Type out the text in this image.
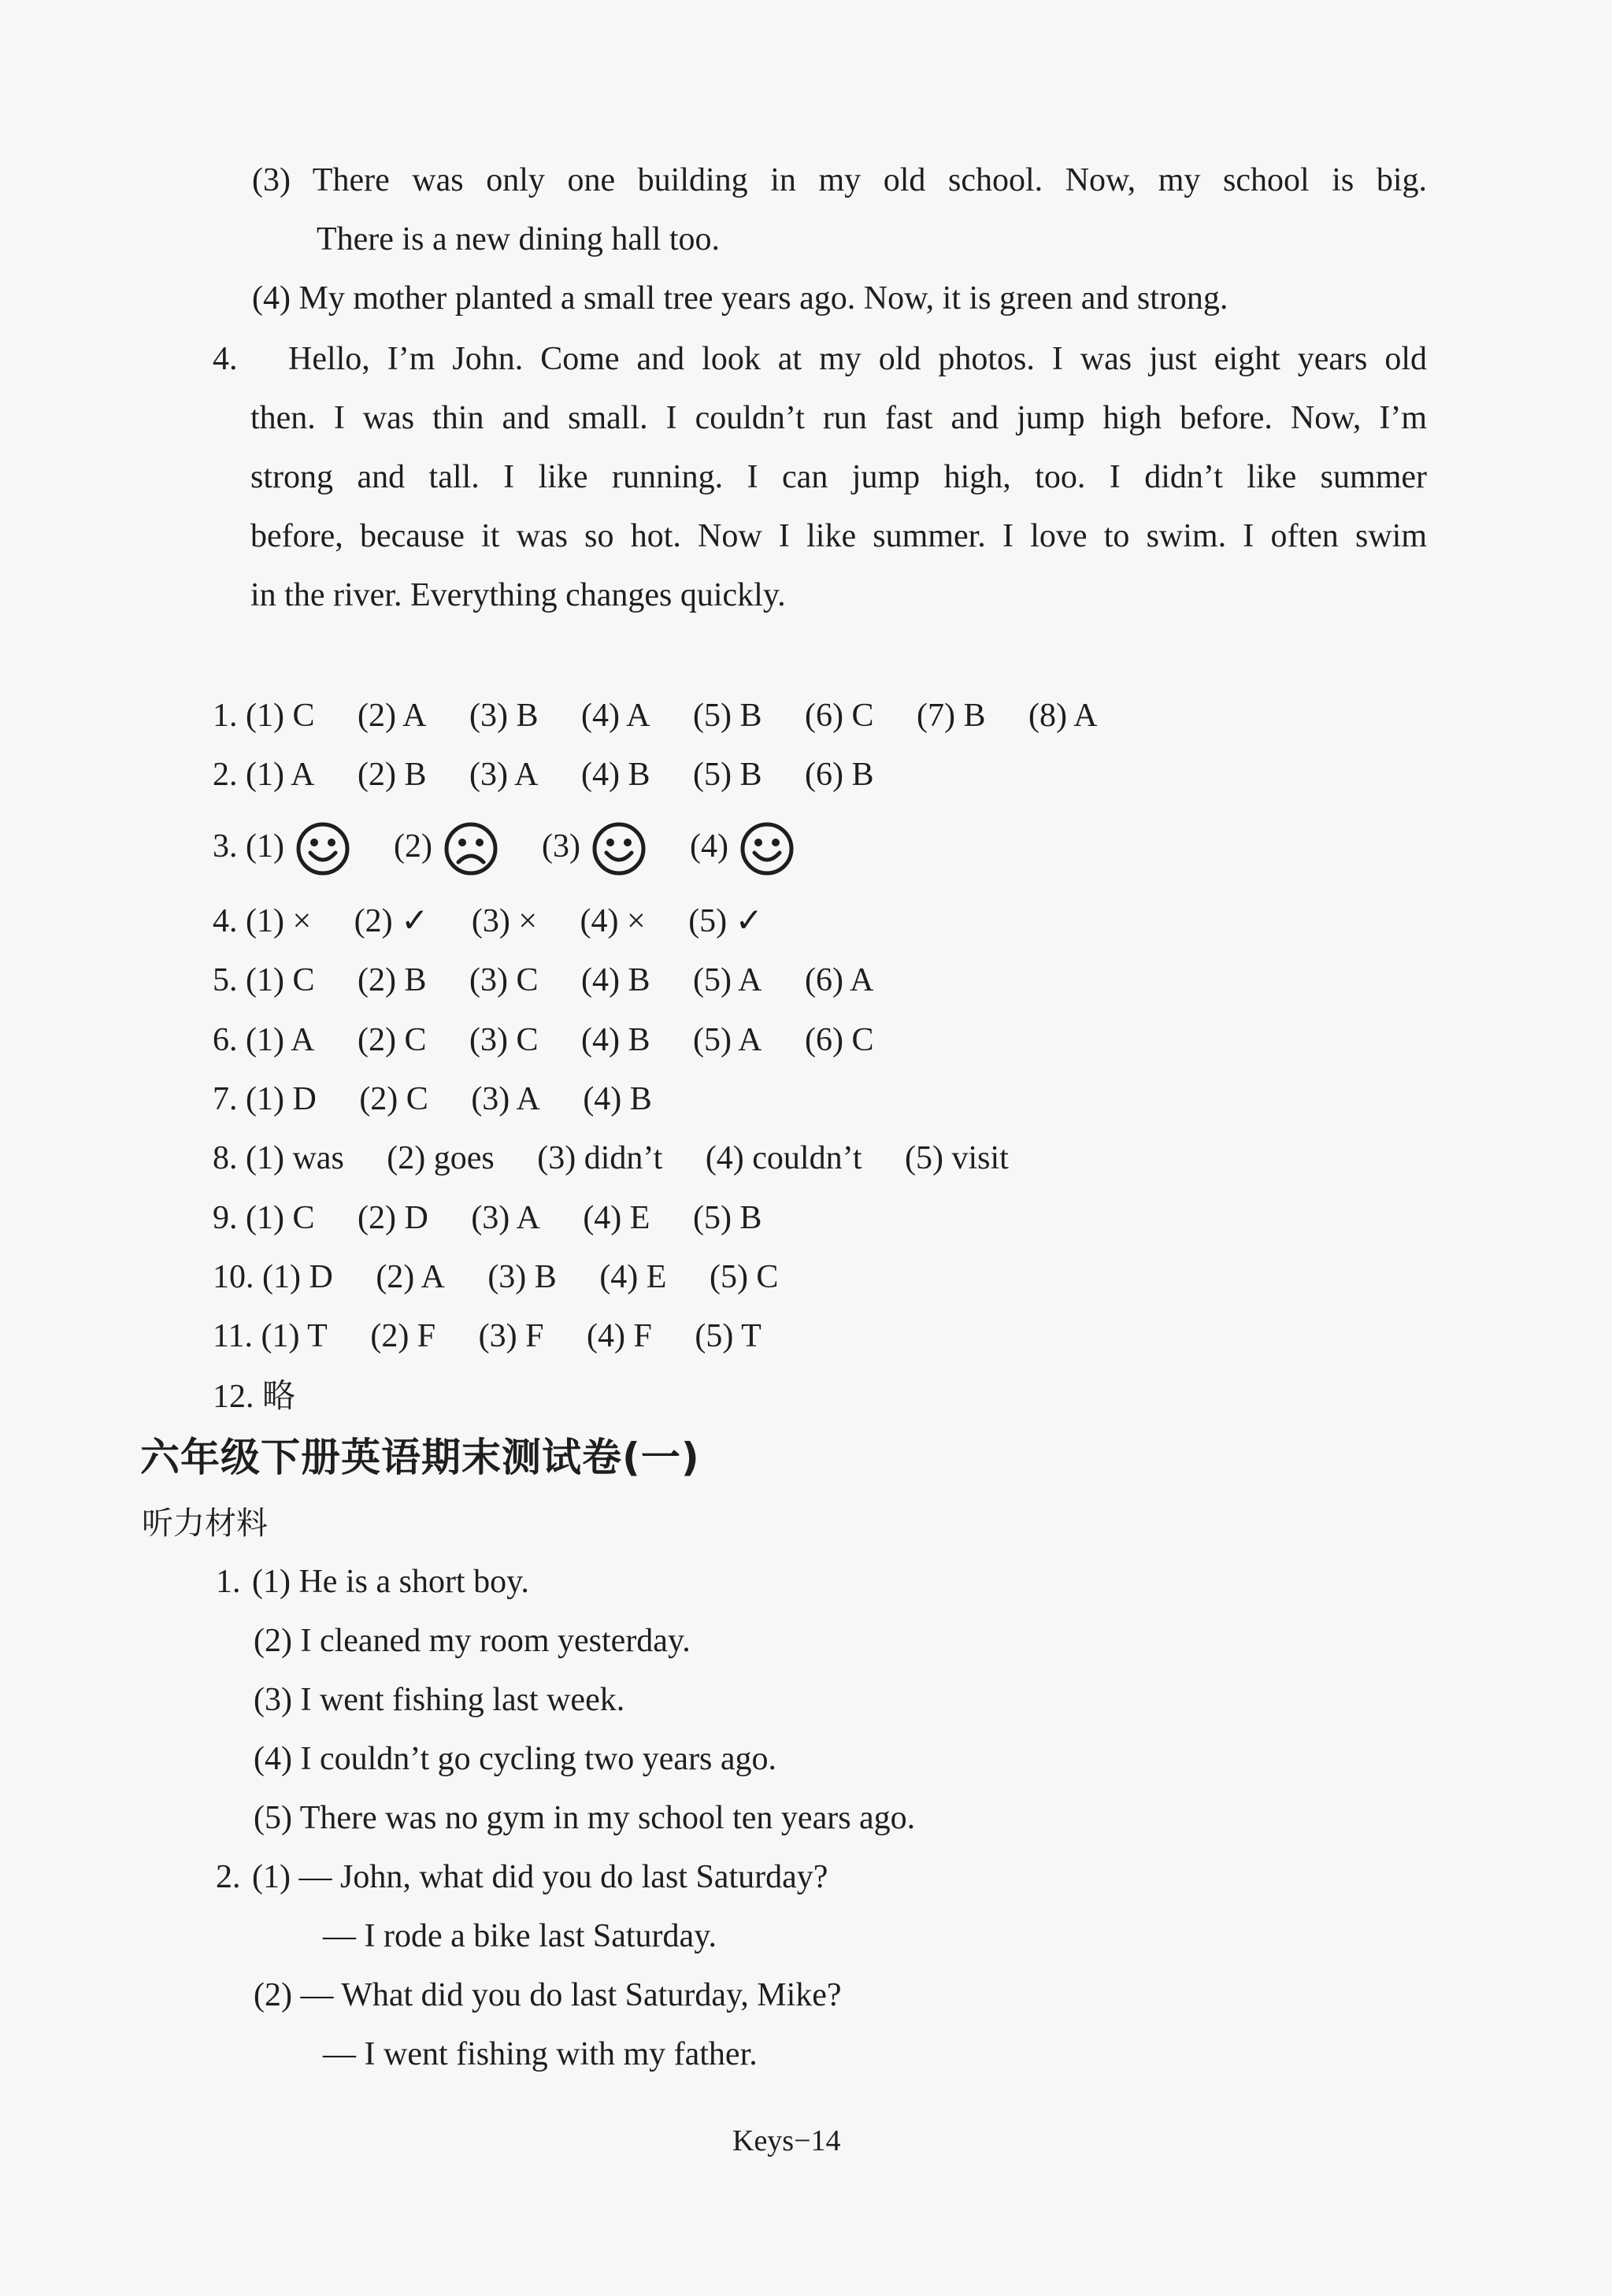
(3) There was only one building in my old school. Now, my school is big.
There is a new dining hall too.
(4) My mother planted a small tree years ago. Now, it is green and strong.
4. Hello, I’m John. Come and look at my old photos. I was just eight years old
then. I was thin and small. I couldn’t run fast and jump high before. Now, I’m
strong and tall. I like running. I can jump high, too. I didn’t like summer
before, because it was so hot. Now I like summer. I love to swim. I often swim
in the river. Everything changes quickly.
1. (1) C (2) A (3) B (4) A (5) B (6) C (7) B (8) A
2. (1) A (2) B (3) A (4) B (5) B (6) B
3. (1)	(2)	(3)	(4)
4. (1) × (2) ✓ (3) × (4) × (5) ✓
5. (1) C (2) B (3) C (4) B (5) A (6) A
6. (1) A (2) C (3) C (4) B (5) A (6) C
7. (1) D (2) C (3) A (4) B
8. (1) was (2) goes (3) didn’t (4) couldn’t (5) visit
9. (1) C (2) D (3) A (4) E (5) B
10. (1) D (2) A (3) B (4) E (5) C
11. (1) T (2) F (3) F (4) F (5) T
12. 略
六年级下册英语期末测试卷(一)
听力材料
1. (1) He is a short boy.
(2) I cleaned my room yesterday.
(3) I went fishing last week.
(4) I couldn’t go cycling two years ago.
(5) There was no gym in my school ten years ago.
2. (1) — John, what did you do last Saturday?
— I rode a bike last Saturday.
(2) — What did you do last Saturday, Mike?
— I went fishing with my father.
Keys−14
